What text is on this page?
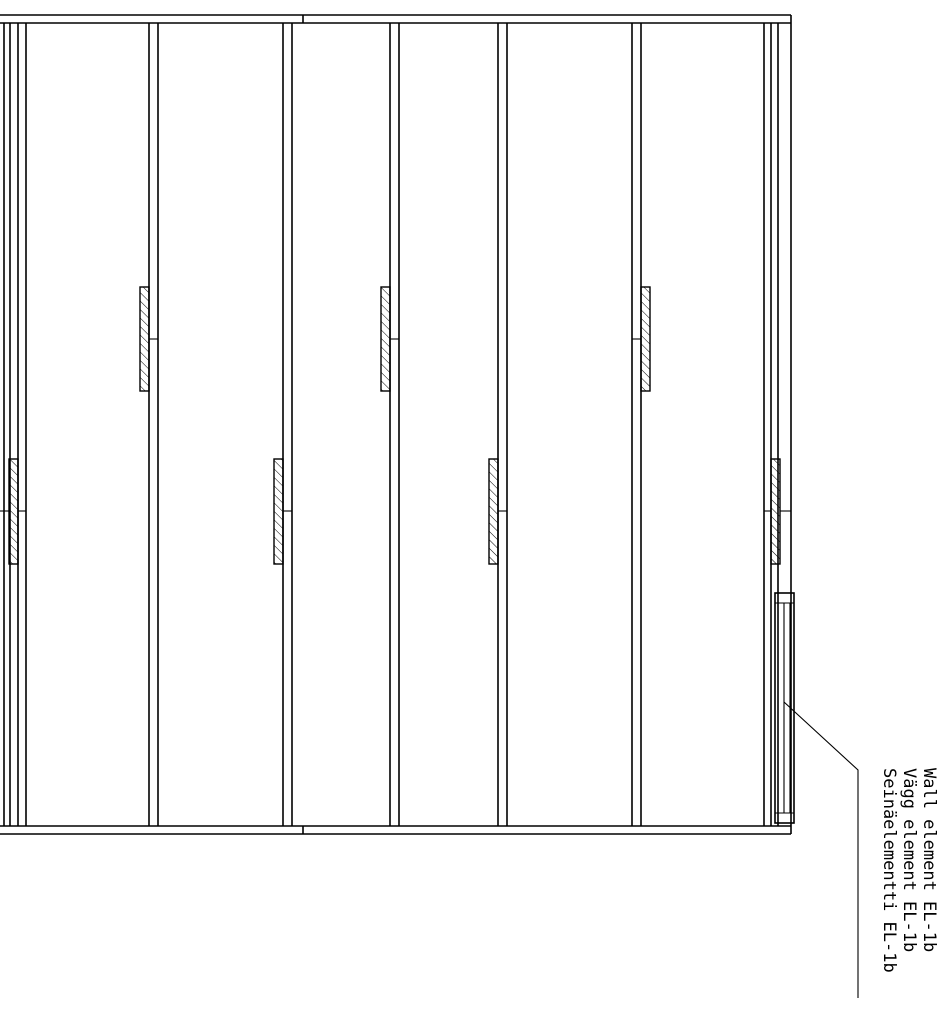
Wall element EL-1b
Vägg element EL-1b
Seinäelementti EL-1b
